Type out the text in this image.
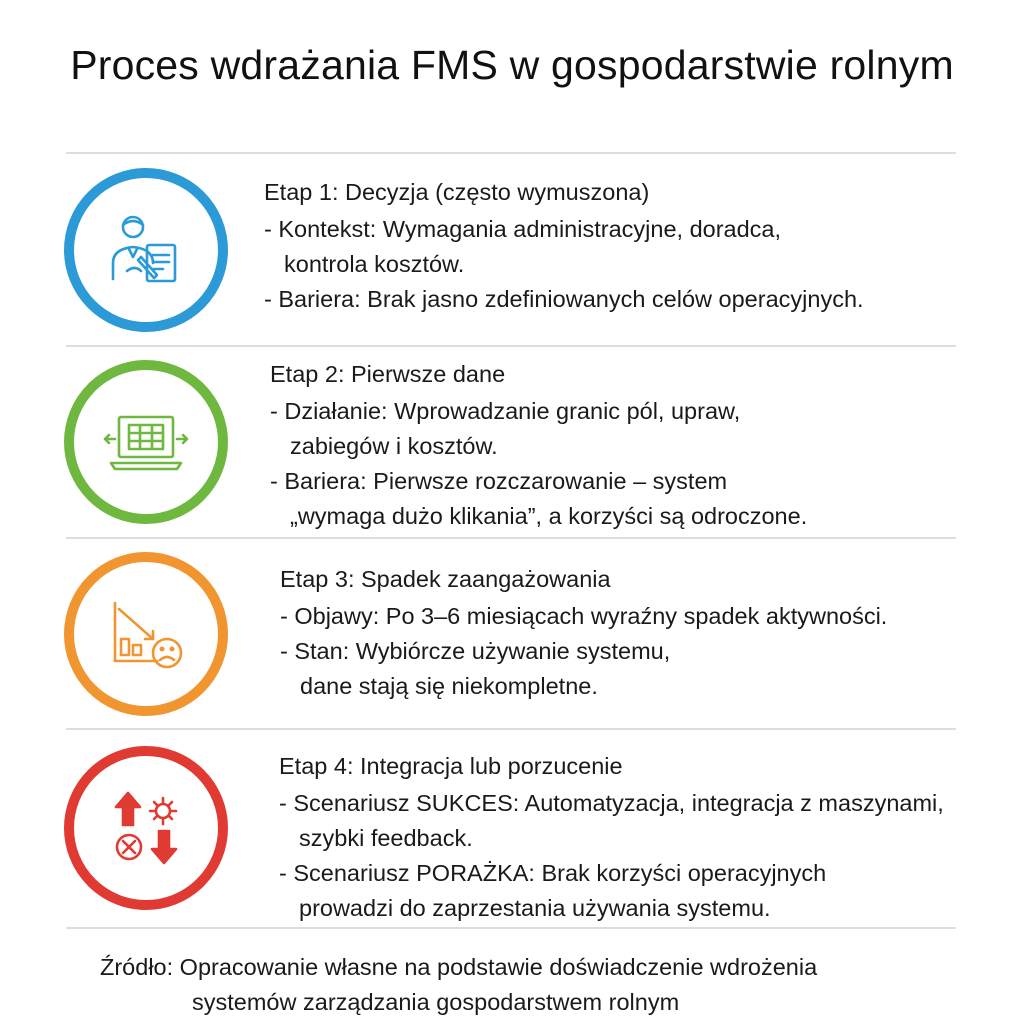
Proces wdrażania FMS w gospodarstwie rolnym
Etap 1: Decyzja (często wymuszona)
- Kontekst: Wymagania administracyjne, doradca,
kontrola kosztów.
- Bariera: Brak jasno zdefiniowanych celów operacyjnych.
Etap 2: Pierwsze dane
- Działanie: Wprowadzanie granic pól, upraw,
zabiegów i kosztów.
- Bariera: Pierwsze rozczarowanie – system
„wymaga dużo klikania”, a korzyści są odroczone.
Etap 3: Spadek zaangażowania
- Objawy: Po 3–6 miesiącach wyraźny spadek aktywności.
- Stan: Wybiórcze używanie systemu,
dane stają się niekompletne.
Etap 4: Integracja lub porzucenie
- Scenariusz SUKCES: Automatyzacja, integracja z maszynami,
szybki feedback.
- Scenariusz PORAŻKA: Brak korzyści operacyjnych
prowadzi do zaprzestania używania systemu.
Źródło: Opracowanie własne na podstawie doświadczenie wdrożenia
systemów zarządzania gospodarstwem rolnym
